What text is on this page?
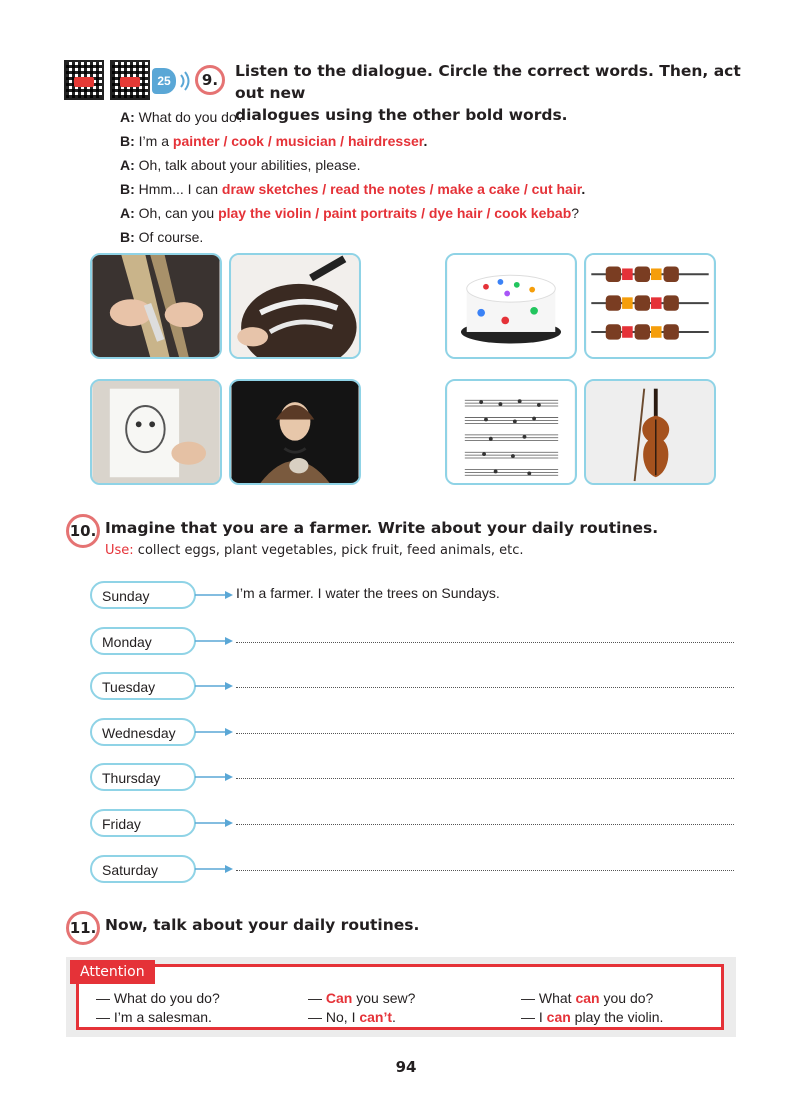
25	9. Listen to the dialogue. Circle the correct words. Then, act out new
dialogues using the other bold words.
A: What do you do?
B: I’m a painter / cook / musician / hairdresser.
A: Oh, talk about your abilities, please.
B: Hmm... I can draw sketches / read the notes / make a cake / cut hair.
A: Oh, can you play the violin / paint portraits / dye hair / cook kebab?
B: Of course.
10. Imagine that you are a farmer. Write about your daily routines.
Use: collect eggs, plant vegetables, pick fruit, feed animals, etc.
Sunday
Monday
Tuesday
Wednesday
Thursday
Friday
Saturday
I’m a farmer. I water the trees on Sundays.
11. Now, talk about your daily routines.
Attention
— What do you do?
— I’m a salesman.
— Can you sew?
— No, I can’t.
— What can you do?
— I can play the violin.
94
